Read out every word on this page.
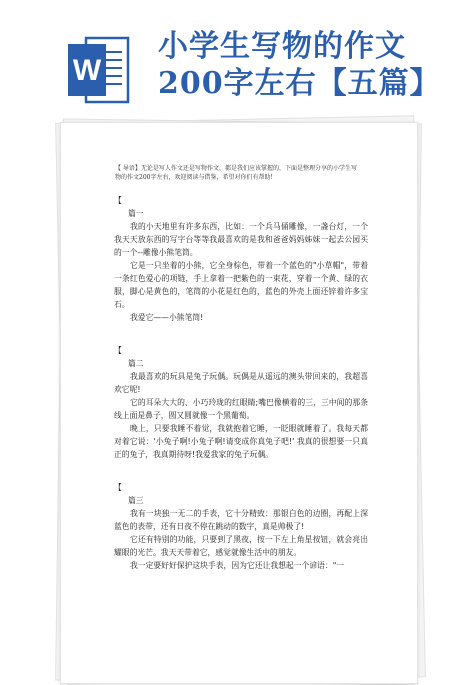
W
小学生写物的作文
200字左右【五篇】
【 导语】无论是写人作文还是写物作文，都是我们应该掌握的，下面是整理分享的小学生写物的作文200字左右，欢迎阅读与借鉴，希望对你们有帮助!

【

篇一

我的小天地里有许多东西，比如：一个兵马俑雕像，一盏台灯，一个我天天放东西的写字台等等我最喜欢的是我和爸爸妈妈姊妹一起去公园买的一个--雕像小熊笔筒。

它是一只坐着的小熊，它全身棕色，带着一个蓝色的"小草帽"，带着一条红色爱心的项链，手上拿着一把紫色的一束花，穿着一个黄、绿的衣服，脚心是黄色的，笔筒的小花是红色的，蓝色的外壳上面还锌着许多宝石。

我爱它——小熊笔筒!

【

篇二

我最喜欢的玩具是兔子玩偶。玩偶是从遥远的澳头带回来的，我超喜欢它呢!

它的耳朵大大的、小巧玲珑的红眼睛;嘴巴像横着的三，三中间的那条线上面是鼻子，圆又圆就像一个黑葡萄。

晚上，只要我睡不着觉，我就抱着它睡，一眨眼就睡着了。我每天都对着它说：'小兔子啊!小兔子啊!请变成你真兔子吧!' 我真的很想要一只真正的兔子，我真期待呀!我爱我家的兔子玩偶。

【

篇三

我有一块独一无二的手表，它十分精致：那银白色的边圈，再配上深蓝色的表带，还有日夜不停在跳动的数字，真是帅极了!

它还有特别的功能，只要到了黑夜，按一下左上角星按钮，就会亮出耀眼的光芒。我天天带着它，感觉就像生活中的朋友。

我一定要好好保护这块手表，因为它还让我想起一个谚语："一
